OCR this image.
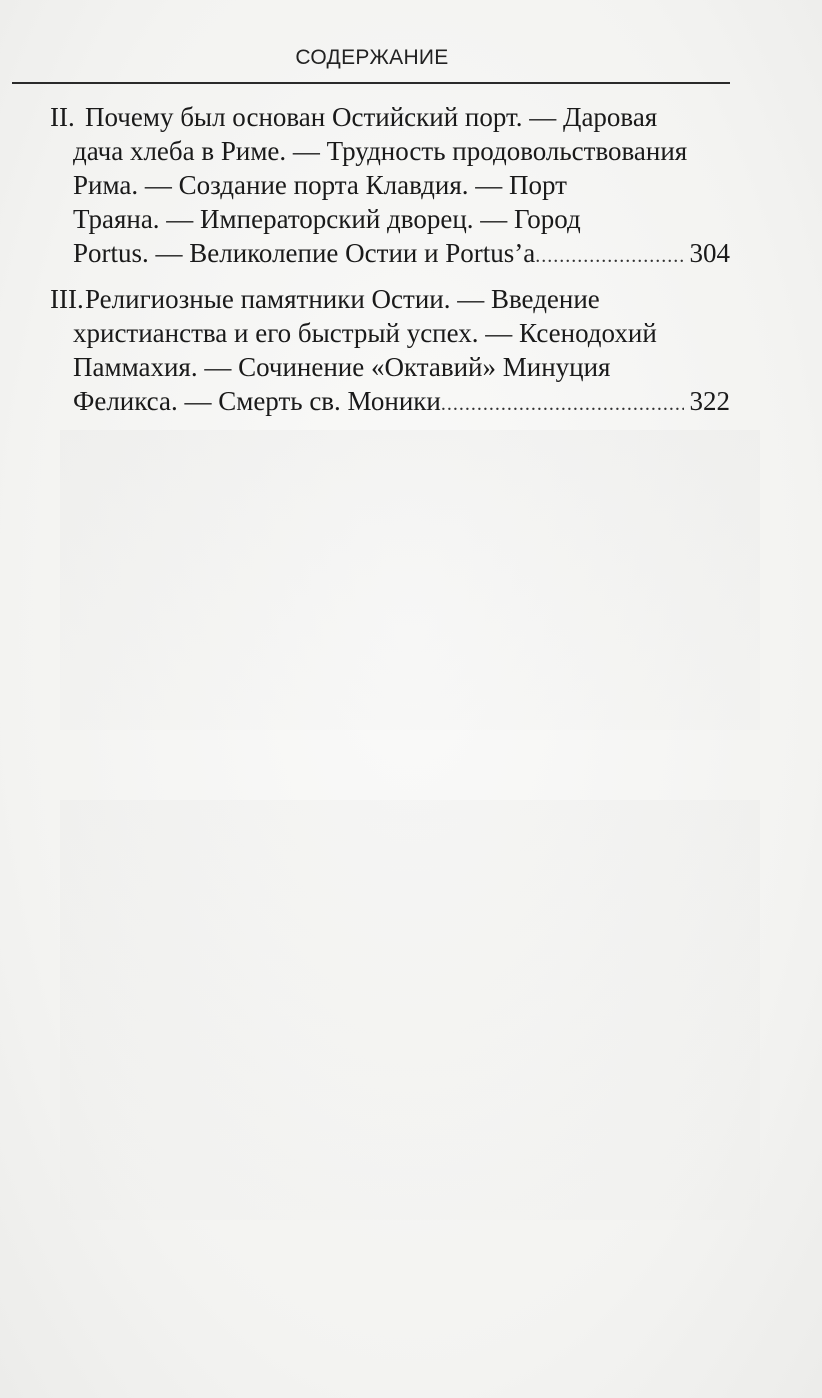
СОДЕРЖАНИЕ
II. Почему был основан Остийский порт. — Даровая
дача хлеба в Риме. — Трудность продовольствования
Рима. — Создание порта Клавдия. — Порт
Траяна. — Императорский дворец. — Город
Portus. — Великолепие Остии и Portus’а .....	304
III. Религиозные памятники Остии. — Введение
христианства и его быстрый успех. — Ксенодохий
Паммахия. — Сочинение «Октавий» Минуция
Феликса. — Смерть св. Моники .....	322
